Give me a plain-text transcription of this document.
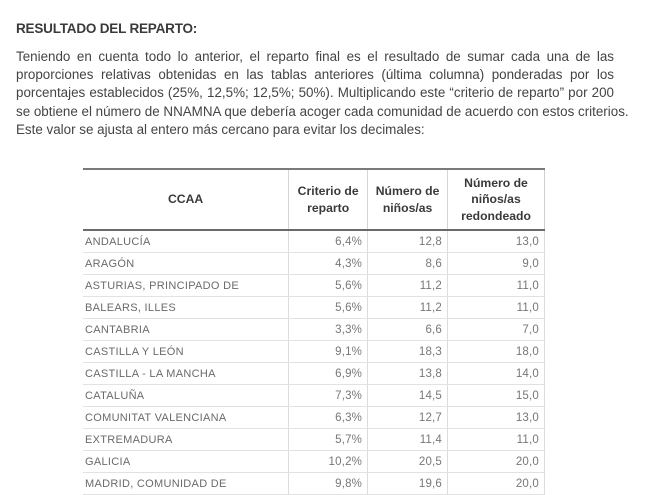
RESULTADO DEL REPARTO:
Teniendo en cuenta todo lo anterior, el reparto final es el resultado de sumar cada una de las
proporciones relativas obtenidas en las tablas anteriores (última columna) ponderadas por los
porcentajes establecidos (25%, 12,5%; 12,5%; 50%). Multiplicando este “criterio de reparto” por 200
se obtiene el número de NNAMNA que debería acoger cada comunidad de acuerdo con estos criterios.
Este valor se ajusta al entero más cercano para evitar los decimales:
CCAA	Criterio de reparto	Número de niños/as	Número de niños/as redondeado
ANDALUCÍA	6,4%	12,8	13,0
ARAGÓN	4,3%	8,6	9,0
ASTURIAS, PRINCIPADO DE	5,6%	11,2	11,0
BALEARS, ILLES	5,6%	11,2	11,0
CANTABRIA	3,3%	6,6	7,0
CASTILLA Y LEÓN	9,1%	18,3	18,0
CASTILLA - LA MANCHA	6,9%	13,8	14,0
CATALUÑA	7,3%	14,5	15,0
COMUNITAT VALENCIANA	6,3%	12,7	13,0
EXTREMADURA	5,7%	11,4	11,0
GALICIA	10,2%	20,5	20,0
MADRID, COMUNIDAD DE	9,8%	19,6	20,0
